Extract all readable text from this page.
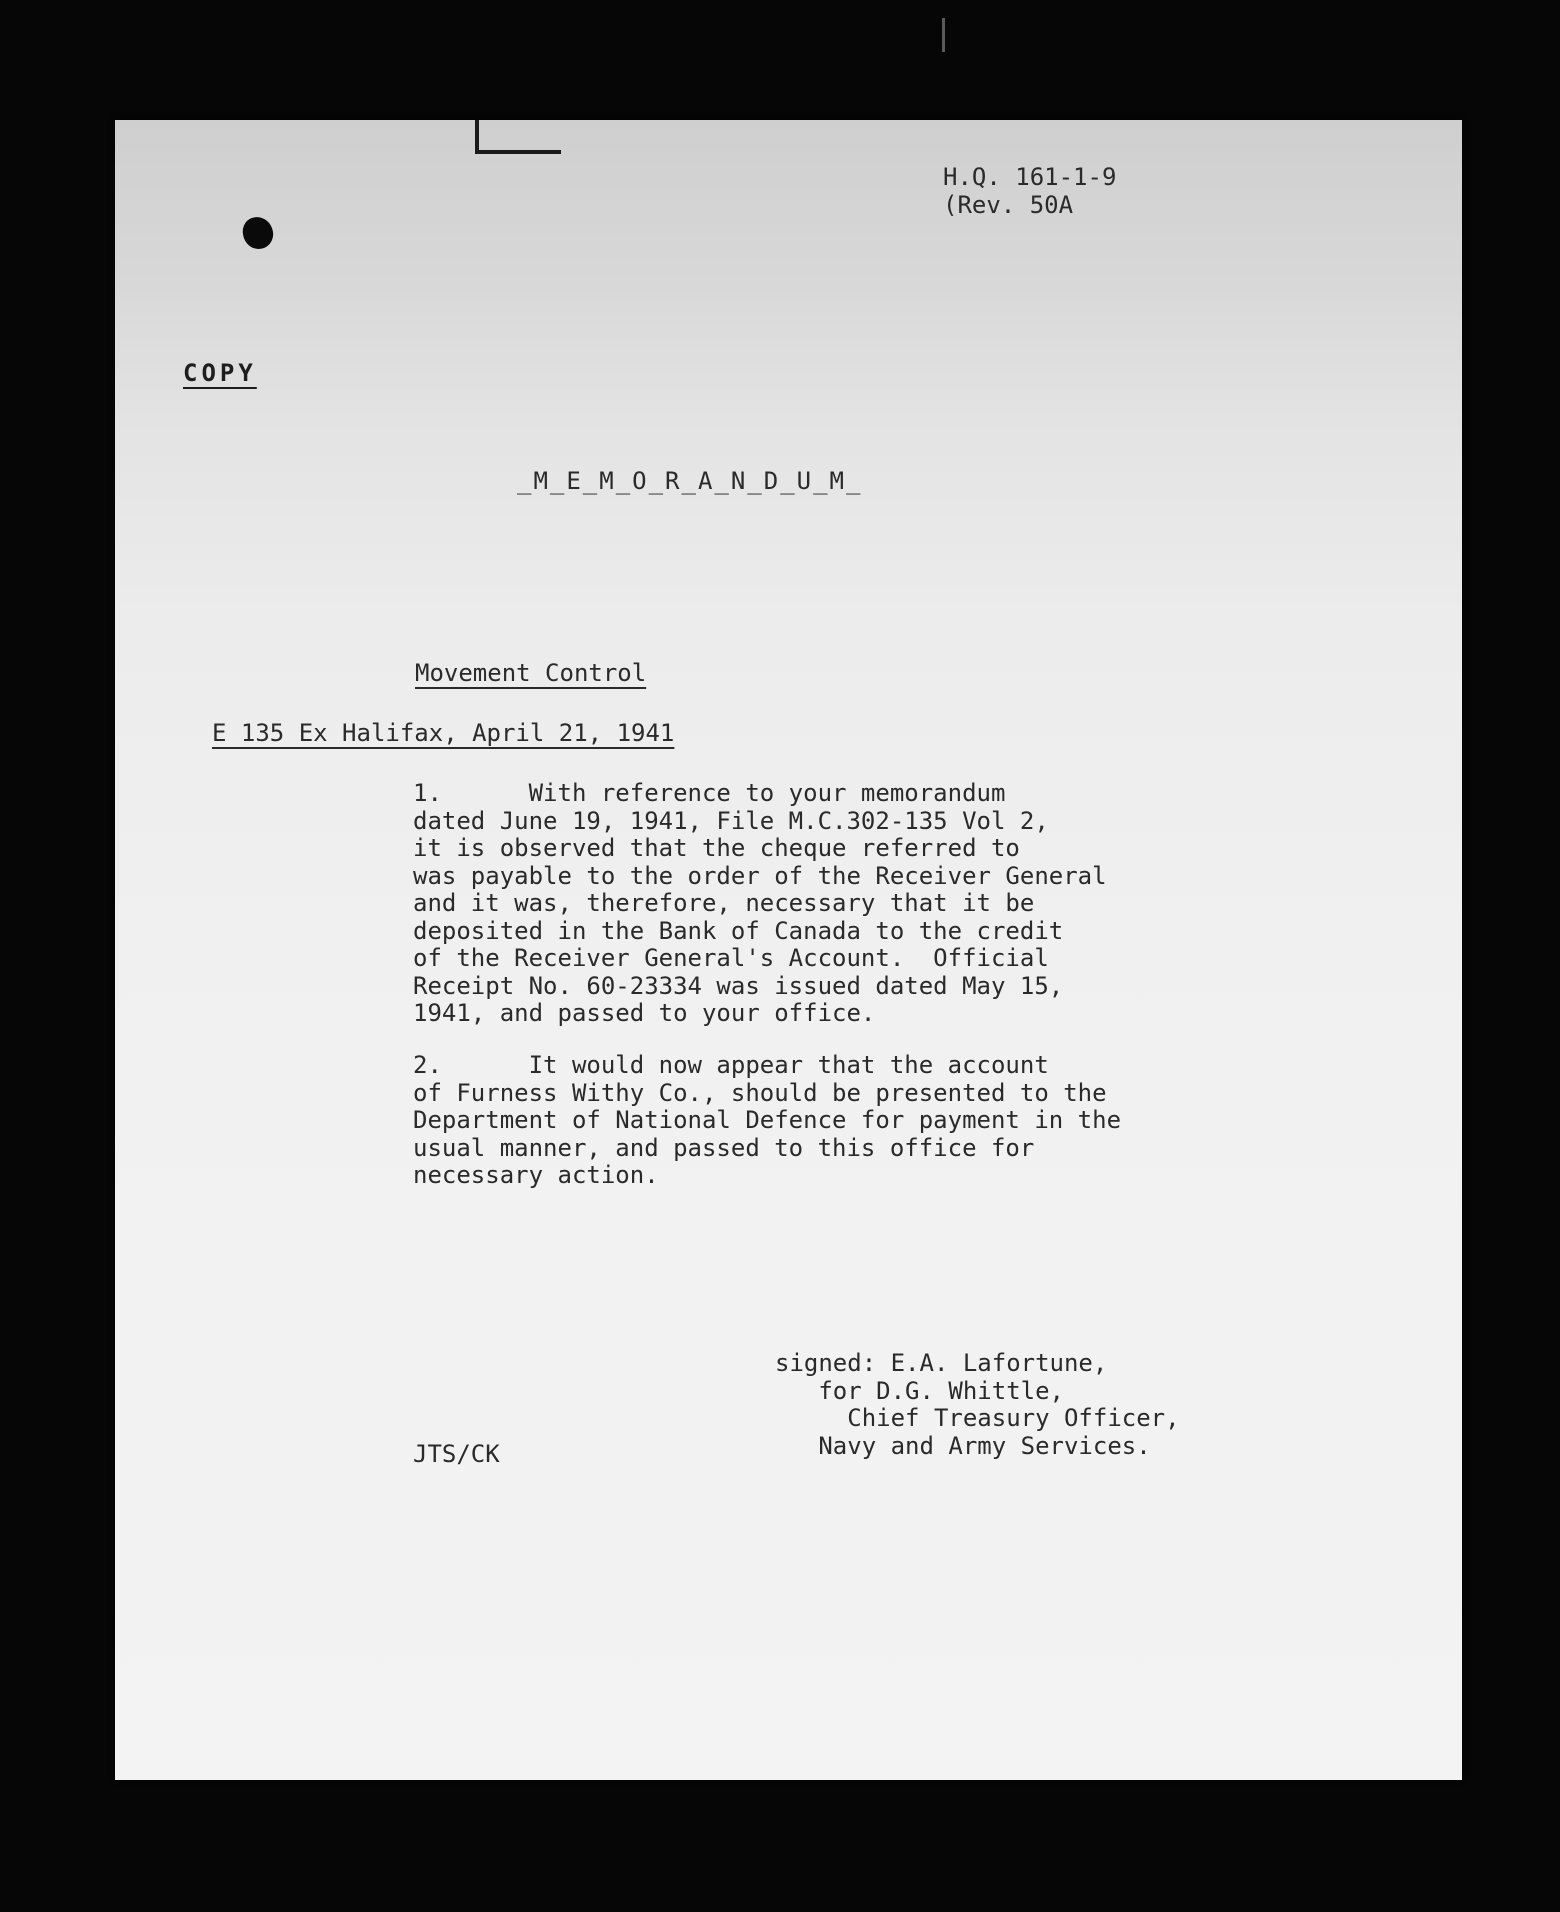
H.Q. 161-1-9
(Rev. 50A
COPY
_M_E_M_O_R_A_N_D_U_M_
Movement Control
E 135 Ex Halifax, April 21, 1941
1.      With reference to your memorandum
dated June 19, 1941, File M.C.302-135 Vol 2,
it is observed that the cheque referred to
was payable to the order of the Receiver General
and it was, therefore, necessary that it be
deposited in the Bank of Canada to the credit
of the Receiver General's Account.  Official
Receipt No. 60-23334 was issued dated May 15,
1941, and passed to your office.
2.      It would now appear that the account
of Furness Withy Co., should be presented to the
Department of National Defence for payment in the
usual manner, and passed to this office for
necessary action.
signed: E.A. Lafortune,
for D.G. Whittle,
Chief Treasury Officer,
Navy and Army Services.
JTS/CK
